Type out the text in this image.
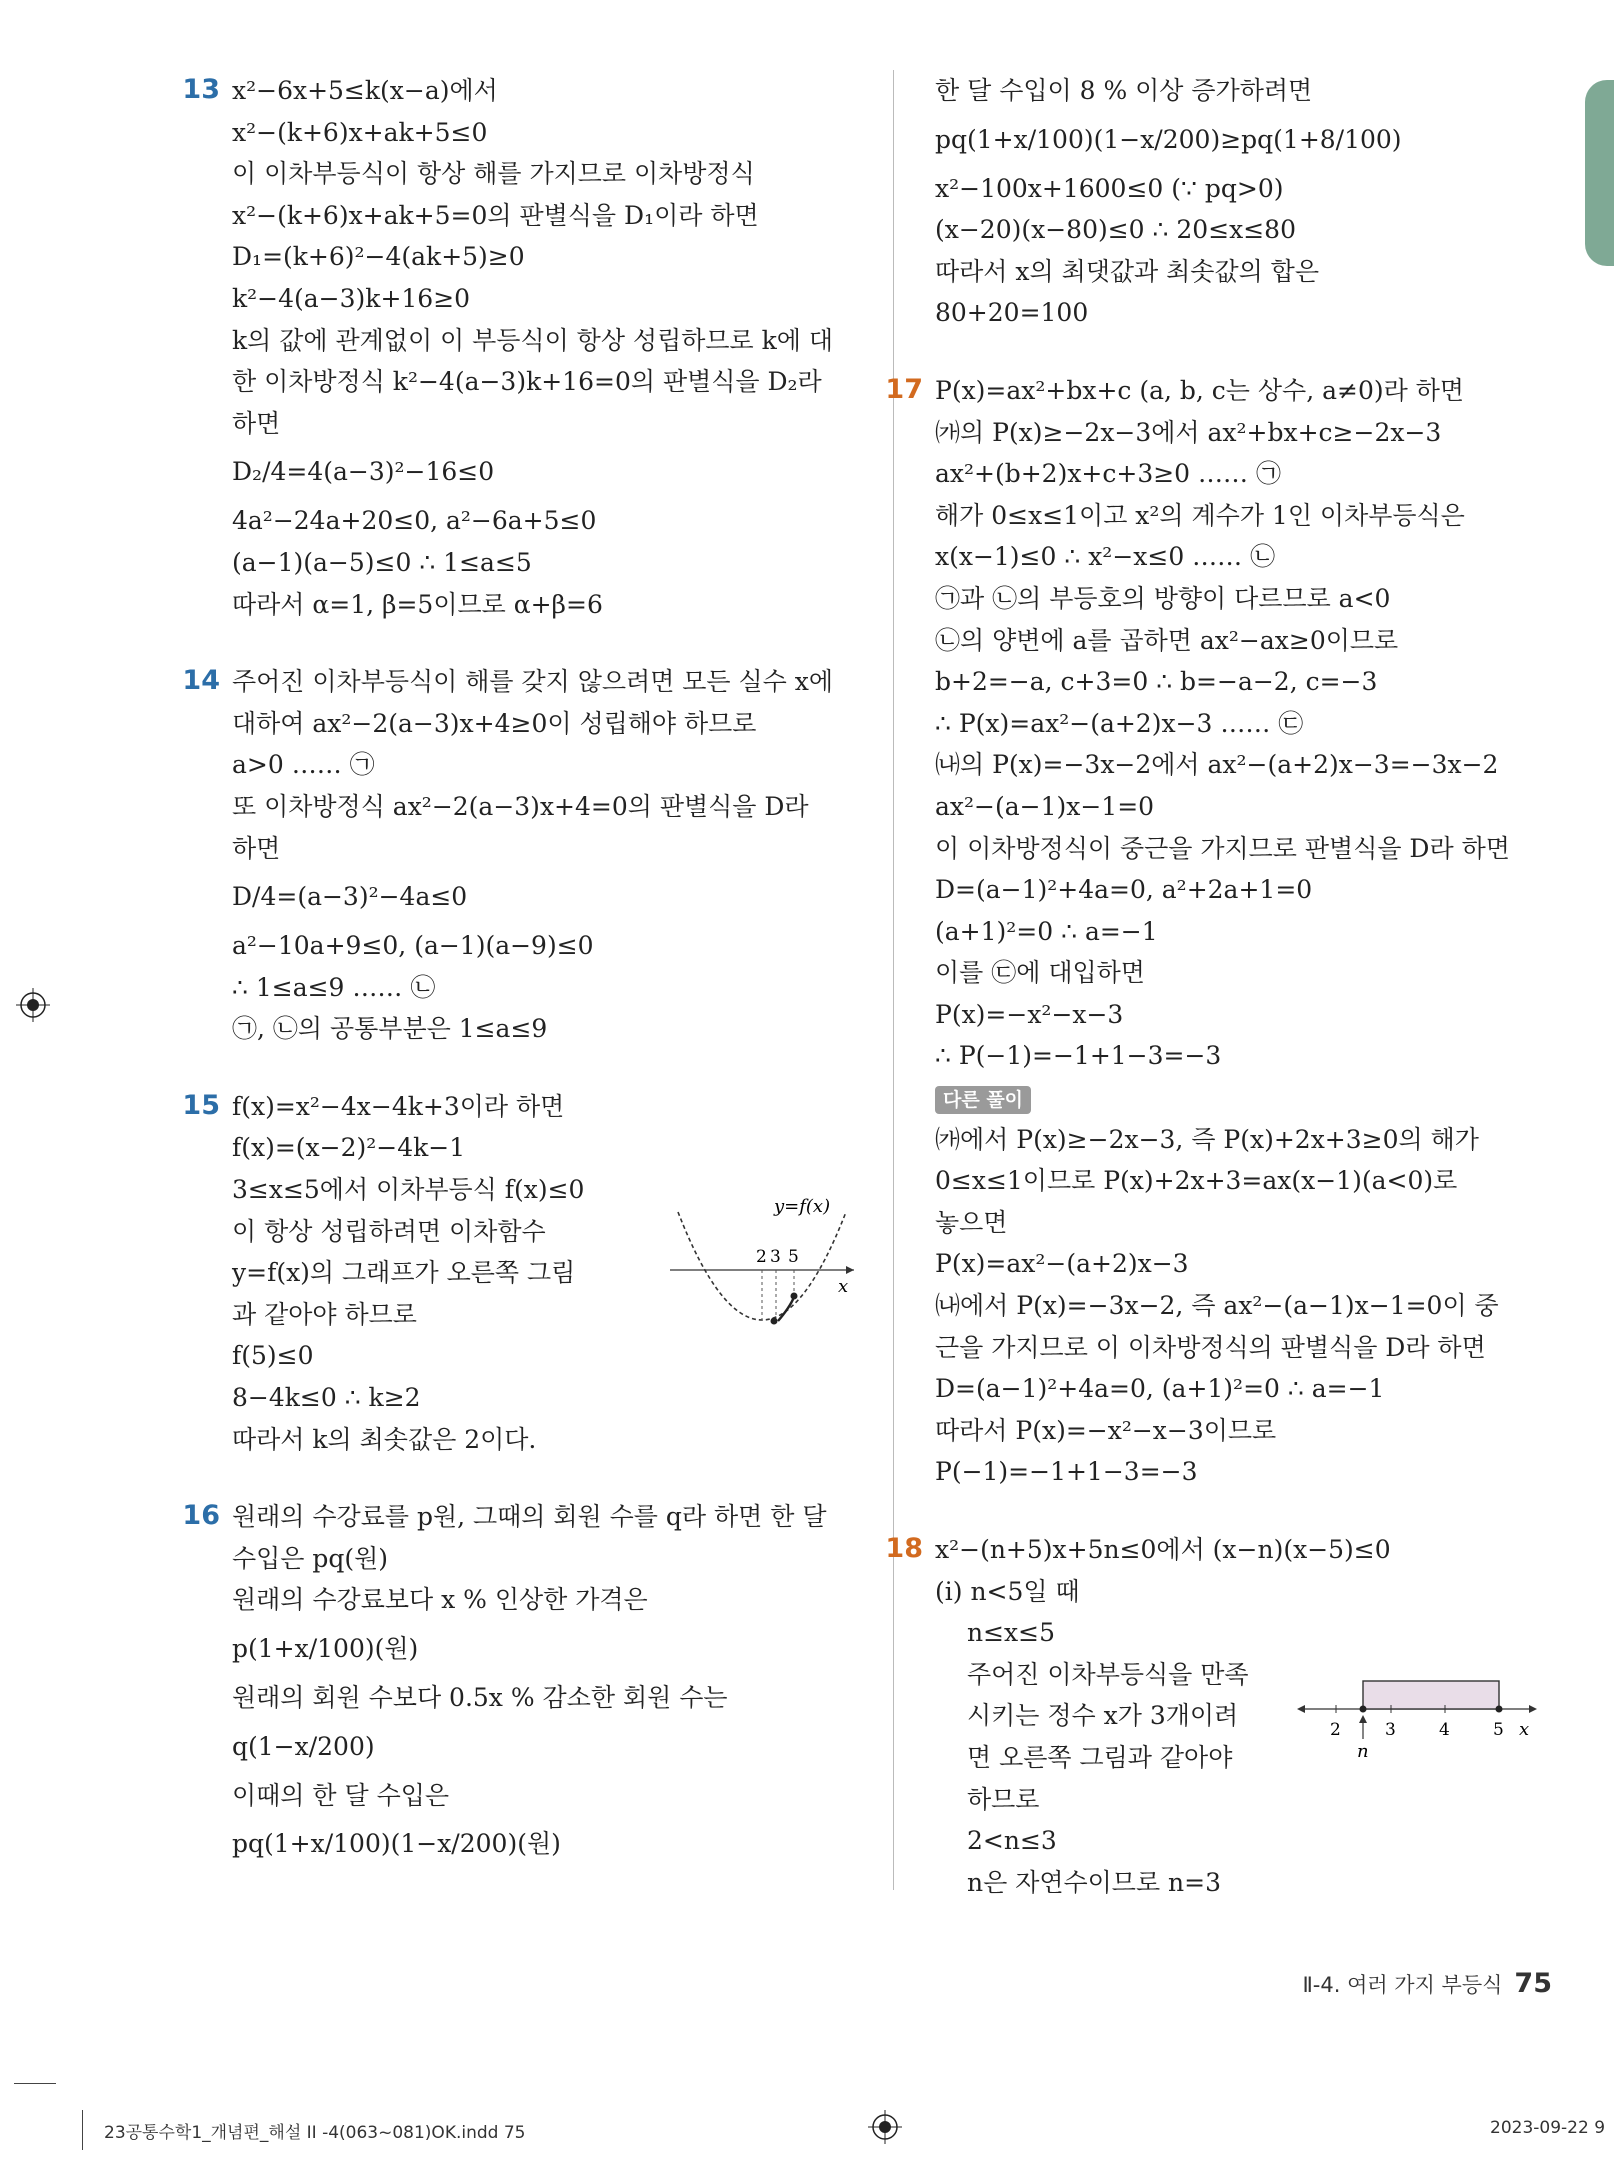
13 x²−6x+5≤k(x−a)에서
x²−(k+6)x+ak+5≤0
이 이차부등식이 항상 해를 가지므로 이차방정식
x²−(k+6)x+ak+5=0의 판별식을 D₁이라 하면
D₁=(k+6)²−4(ak+5)≥0
k²−4(a−3)k+16≥0
k의 값에 관계없이 이 부등식이 항상 성립하므로 k에 대
한 이차방정식 k²−4(a−3)k+16=0의 판별식을 D₂라
하면
D₂/4=4(a−3)²−16≤0
4a²−24a+20≤0, a²−6a+5≤0
(a−1)(a−5)≤0 ∴ 1≤a≤5
따라서 α=1, β=5이므로 α+β=6
14 주어진 이차부등식이 해를 갖지 않으려면 모든 실수 x에
대하여 ax²−2(a−3)x+4≥0이 성립해야 하므로
a>0 …… ㉠
또 이차방정식 ax²−2(a−3)x+4=0의 판별식을 D라
하면
D/4=(a−3)²−4a≤0
a²−10a+9≤0, (a−1)(a−9)≤0
∴ 1≤a≤9 …… ㉡
㉠, ㉡의 공통부분은 1≤a≤9
15 f(x)=x²−4x−4k+3이라 하면
f(x)=(x−2)²−4k−1
3≤x≤5에서 이차부등식 f(x)≤0
이 항상 성립하려면 이차함수
y=f(x)의 그래프가 오른쪽 그림
과 같아야 하므로
f(5)≤0
8−4k≤0 ∴ k≥2
따라서 k의 최솟값은 2이다.
2 3 5
x
y=f(x)
16 원래의 수강료를 p원, 그때의 회원 수를 q라 하면 한 달
수입은 pq(원)
원래의 수강료보다 x % 인상한 가격은
p(1+x/100)(원)
원래의 회원 수보다 0.5x % 감소한 회원 수는
q(1−x/200)
이때의 한 달 수입은
pq(1+x/100)(1−x/200)(원)
한 달 수입이 8 % 이상 증가하려면
pq(1+x/100)(1−x/200)≥pq(1+8/100)
x²−100x+1600≤0 (∵ pq>0)
(x−20)(x−80)≤0 ∴ 20≤x≤80
따라서 x의 최댓값과 최솟값의 합은
80+20=100
17 P(x)=ax²+bx+c (a, b, c는 상수, a≠0)라 하면
㈎의 P(x)≥−2x−3에서 ax²+bx+c≥−2x−3
ax²+(b+2)x+c+3≥0 …… ㉠
해가 0≤x≤1이고 x²의 계수가 1인 이차부등식은
x(x−1)≤0 ∴ x²−x≤0 …… ㉡
㉠과 ㉡의 부등호의 방향이 다르므로 a<0
㉡의 양변에 a를 곱하면 ax²−ax≥0이므로
b+2=−a, c+3=0 ∴ b=−a−2, c=−3
∴ P(x)=ax²−(a+2)x−3 …… ㉢
㈏의 P(x)=−3x−2에서 ax²−(a+2)x−3=−3x−2
ax²−(a−1)x−1=0
이 이차방정식이 중근을 가지므로 판별식을 D라 하면
D=(a−1)²+4a=0, a²+2a+1=0
(a+1)²=0 ∴ a=−1
이를 ㉢에 대입하면
P(x)=−x²−x−3
∴ P(−1)=−1+1−3=−3
다른 풀이
㈎에서 P(x)≥−2x−3, 즉 P(x)+2x+3≥0의 해가
0≤x≤1이므로 P(x)+2x+3=ax(x−1)(a<0)로
놓으면
P(x)=ax²−(a+2)x−3
㈏에서 P(x)=−3x−2, 즉 ax²−(a−1)x−1=0이 중
근을 가지므로 이 이차방정식의 판별식을 D라 하면
D=(a−1)²+4a=0, (a+1)²=0 ∴ a=−1
따라서 P(x)=−x²−x−3이므로
P(−1)=−1+1−3=−3
18 x²−(n+5)x+5n≤0에서 (x−n)(x−5)≤0
(ⅰ) n<5일 때
n≤x≤5
주어진 이차부등식을 만족
시키는 정수 x가 3개이려
면 오른쪽 그림과 같아야
하므로
2<n≤3
n은 자연수이므로 n=3
2	3	4	5 x
n
Ⅱ-4. 여러 가지 부등식 75
23공통수학1_개념편_해설 II -4(063~081)OK.indd 75	2023-09-22 9
